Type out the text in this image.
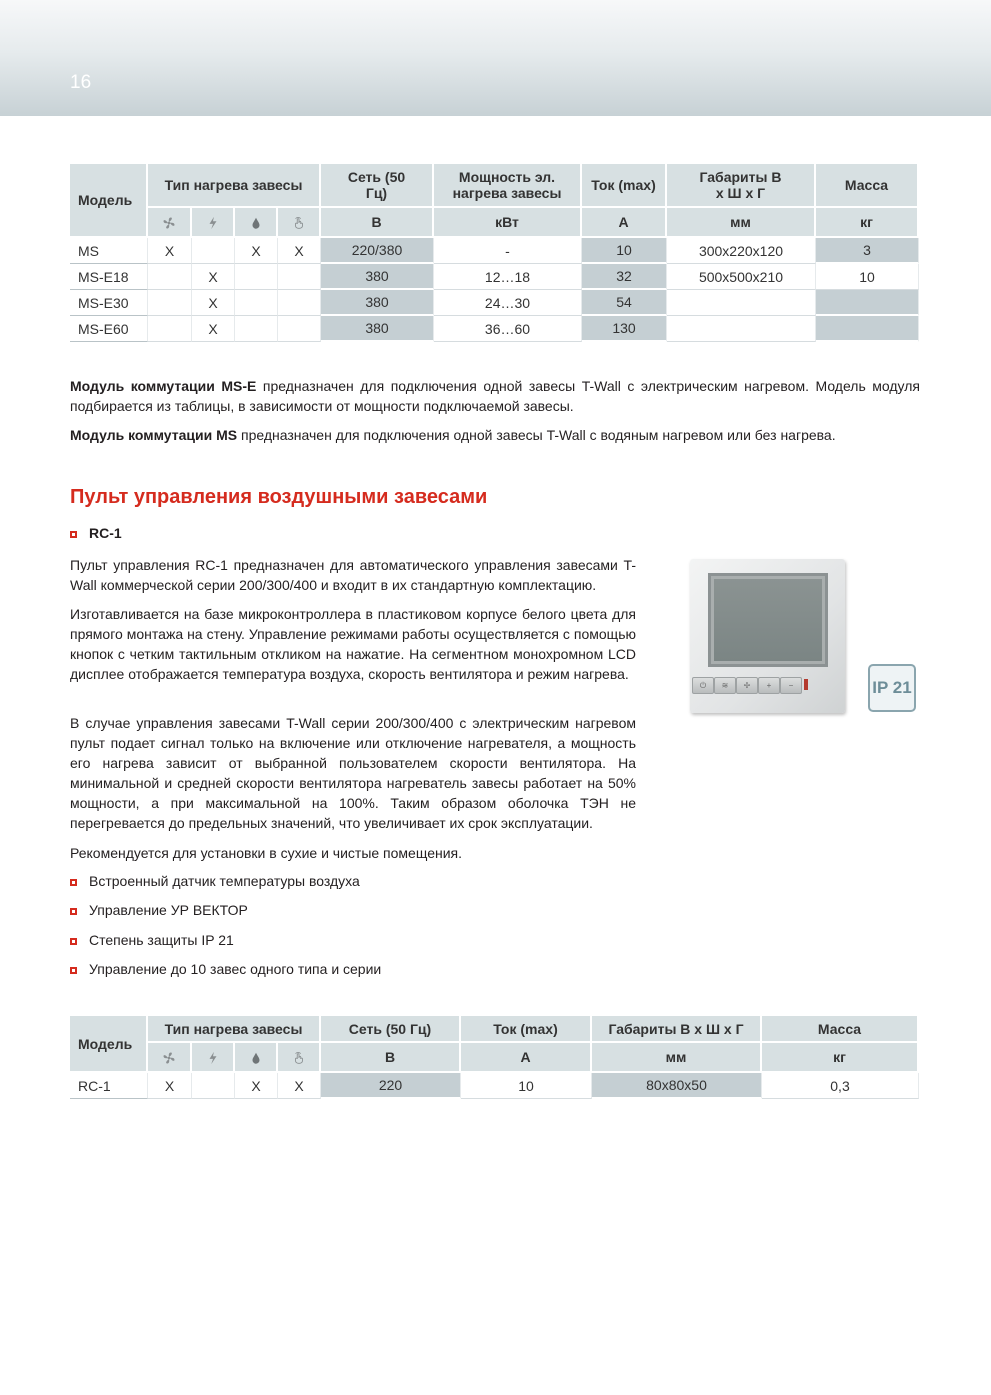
16
Модель	Тип нагрева завесы				Сеть (50 Гц)	Мощность эл. нагрева завесы	Ток (max)	Габариты В х Ш х Г	Масса
				В	кВт	А	мм	кг
MS	X		X	X	220/380	-	10	300х220х120	3
MS-E18		X			380	12…18	32	500х500х210	10
MS-E30		X			380	24…30	54		
MS-E60		X			380	36…60	130		
Модуль коммутации MS-E предназначен для подключения одной завесы T-Wall с электрическим нагревом. Модель модуля подбирается из таблицы, в зависимости от мощности подключаемой завесы.
Модуль коммутации MS предназначен для подключения одной завесы T-Wall с водяным нагревом или без нагрева.
Пульт управления воздушными завесами
RC-1
Пульт управления RC-1 предназначен для автоматического управления завесами T-Wall коммерческой серии 200/300/400 и входит в их стандартную комплектацию.
Изготавливается на базе микроконтроллера в пластиковом корпусе белого цвета для прямого монтажа на стену. Управление режимами работы осуществляется с помощью кнопок с четким тактильным откликом на нажатие. На сегментном монохромном LCD дисплее отображается температура воздуха, скорость вентилятора и режим нагрева.
В случае управления завесами T-Wall серии 200/300/400 с электрическим нагревом пульт подает сигнал только на включение или отключение нагревателя, а мощность его нагрева зависит от выбранной пользователем скорости вентилятора. На минимальной и средней скорости вентилятора нагреватель завесы работает на 50% мощности, а при максимальной на 100%. Таким образом оболочка ТЭН не перегревается до предельных значений, что увеличивает их срок эксплуатации.
Рекомендуется для установки в сухие и чистые помещения.
Встроенный датчик температуры воздуха
Управление УР ВЕКТОР
Степень защиты IP 21
Управление до 10 завес одного типа и серии
⏻	≋	✢	+	−	IP 21
Модель	Тип нагрева завесы				Сеть (50 Гц)	Ток (max)	Габариты В х Ш х Г	Масса
				В	А	мм	кг
RC-1	X		X	X	220	10	80х80х50	0,3
